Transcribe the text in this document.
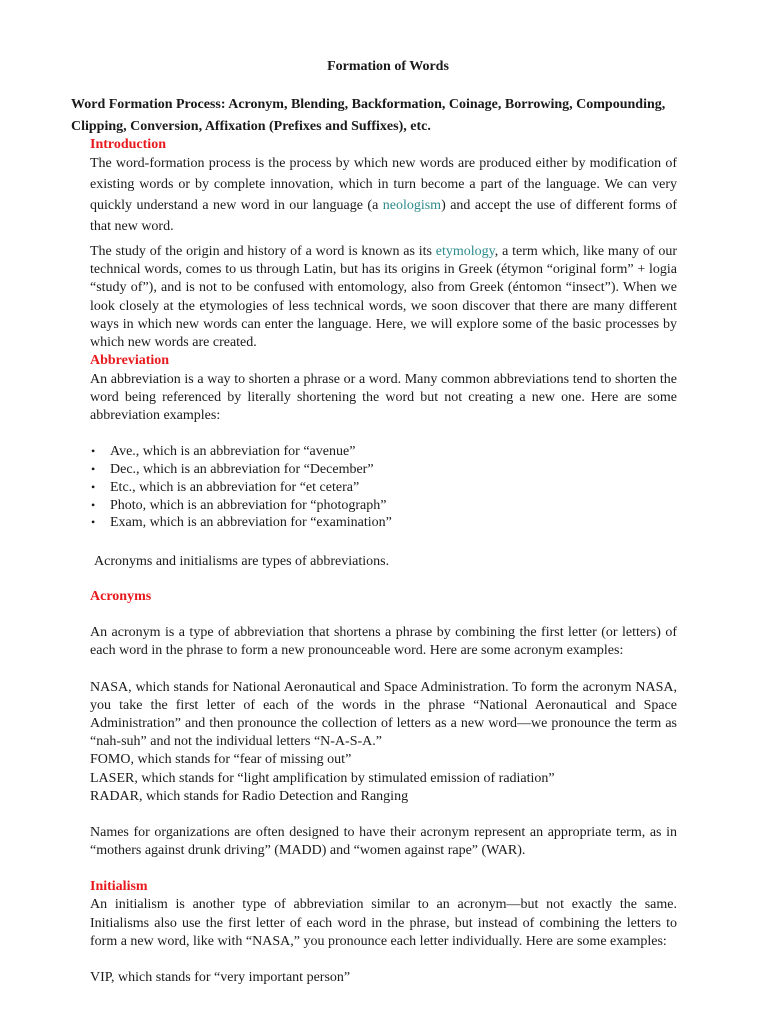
Formation of Words
Word Formation Process: Acronym, Blending, Backformation, Coinage, Borrowing, Compounding, Clipping, Conversion, Affixation (Prefixes and Suffixes), etc.
Introduction

The word-formation process is the process by which new words are produced either by modification of existing words or by complete innovation, which in turn become a part of the language. We can very quickly understand a new word in our language (a neologism) and accept the use of different forms of that new word.

The study of the origin and history of a word is known as its etymology, a term which, like many of our technical words, comes to us through Latin, but has its origins in Greek (étymon “original form” + logia “study of”), and is not to be confused with entomology, also from Greek (éntomon “insect”). When we look closely at the etymologies of less technical words, we soon discover that there are many different ways in which new words can enter the language. Here, we will explore some of the basic processes by which new words are created.

Abbreviation

An abbreviation is a way to shorten a phrase or a word. Many common abbreviations tend to shorten the word being referenced by literally shortening the word but not creating a new one. Here are some abbreviation examples:

• Ave., which is an abbreviation for “avenue”
• Dec., which is an abbreviation for “December”
• Etc., which is an abbreviation for “et cetera”
• Photo, which is an abbreviation for “photograph”
• Exam, which is an abbreviation for “examination”

Acronyms and initialisms are types of abbreviations.

Acronyms

An acronym is a type of abbreviation that shortens a phrase by combining the first letter (or letters) of each word in the phrase to form a new pronounceable word. Here are some acronym examples:

NASA, which stands for National Aeronautical and Space Administration. To form the acronym NASA, you take the first letter of each of the words in the phrase “National Aeronautical and Space Administration” and then pronounce the collection of letters as a new word—we pronounce the term as “nah-suh” and not the individual letters “N-A-S-A.”
FOMO, which stands for “fear of missing out”
LASER, which stands for “light amplification by stimulated emission of radiation”
RADAR, which stands for Radio Detection and Ranging

Names for organizations are often designed to have their acronym represent an appropriate term, as in “mothers against drunk driving” (MADD) and “women against rape” (WAR).

Initialism

An initialism is another type of abbreviation similar to an acronym—but not exactly the same. Initialisms also use the first letter of each word in the phrase, but instead of combining the letters to form a new word, like with “NASA,” you pronounce each letter individually. Here are some examples:

VIP, which stands for “very important person”
